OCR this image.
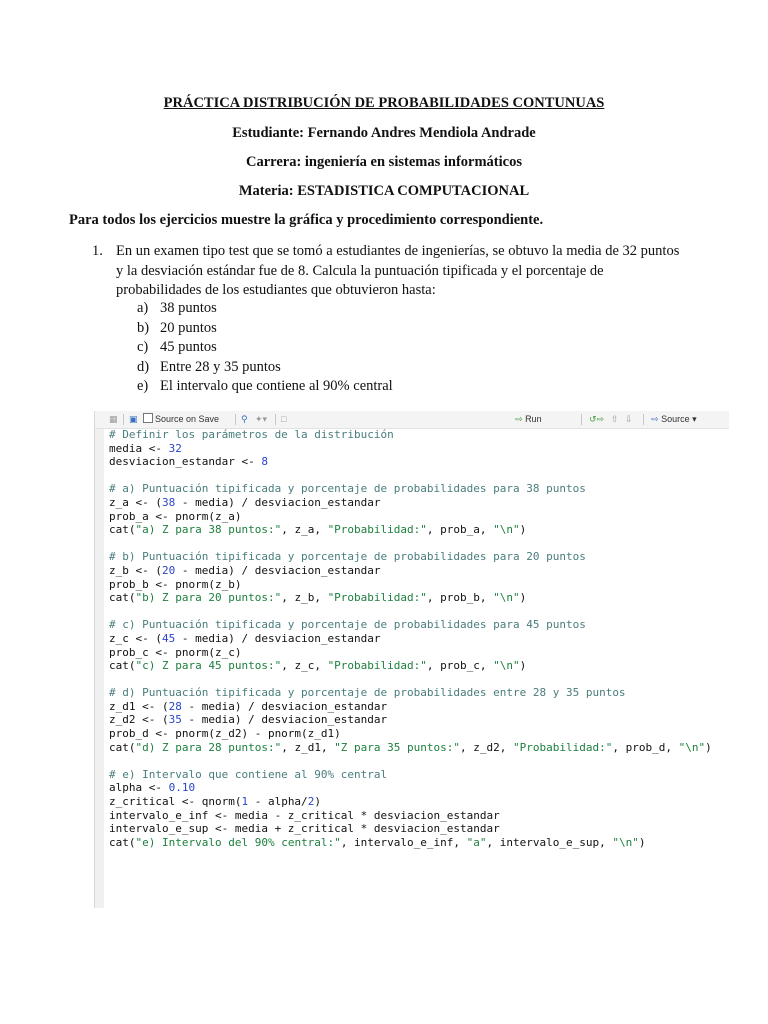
PRÁCTICA DISTRIBUCIÓN DE PROBABILIDADES CONTUNUAS
Estudiante: Fernando Andres Mendiola Andrade
Carrera: ingeniería en sistemas informáticos
Materia: ESTADISTICA COMPUTACIONAL
Para todos los ejercicios muestre la gráfica y procedimiento correspondiente.
1. En un examen tipo test que se tomó a estudiantes de ingenierías, se obtuvo la media de 32 puntos
y la desviación estándar fue de 8. Calcula la puntuación tipificada y el porcentaje de
probabilidades de los estudiantes que obtuvieron hasta:
a) 38 puntos
b) 20 puntos
c) 45 puntos
d) Entre 28 y 35 puntos
e) El intervalo que contiene al 90% central
▦ ▣	Source on Save ⚲ ✦▾ □	⇨ Run	↺⇨ ⇧ ⇩ ⇨ Source ▾
# Definir los parámetros de la distribución
media <- 32
desviacion_estandar <- 8

# a) Puntuación tipificada y porcentaje de probabilidades para 38 puntos
z_a <- (38 - media) / desviacion_estandar
prob_a <- pnorm(z_a)
cat("a) Z para 38 puntos:", z_a, "Probabilidad:", prob_a, "\n")

# b) Puntuación tipificada y porcentaje de probabilidades para 20 puntos
z_b <- (20 - media) / desviacion_estandar
prob_b <- pnorm(z_b)
cat("b) Z para 20 puntos:", z_b, "Probabilidad:", prob_b, "\n")

# c) Puntuación tipificada y porcentaje de probabilidades para 45 puntos
z_c <- (45 - media) / desviacion_estandar
prob_c <- pnorm(z_c)
cat("c) Z para 45 puntos:", z_c, "Probabilidad:", prob_c, "\n")

# d) Puntuación tipificada y porcentaje de probabilidades entre 28 y 35 puntos
z_d1 <- (28 - media) / desviacion_estandar
z_d2 <- (35 - media) / desviacion_estandar
prob_d <- pnorm(z_d2) - pnorm(z_d1)
cat("d) Z para 28 puntos:", z_d1, "Z para 35 puntos:", z_d2, "Probabilidad:", prob_d, "\n")

# e) Intervalo que contiene al 90% central
alpha <- 0.10
z_critical <- qnorm(1 - alpha/2)
intervalo_e_inf <- media - z_critical * desviacion_estandar
intervalo_e_sup <- media + z_critical * desviacion_estandar
cat("e) Intervalo del 90% central:", intervalo_e_inf, "a", intervalo_e_sup, "\n")
